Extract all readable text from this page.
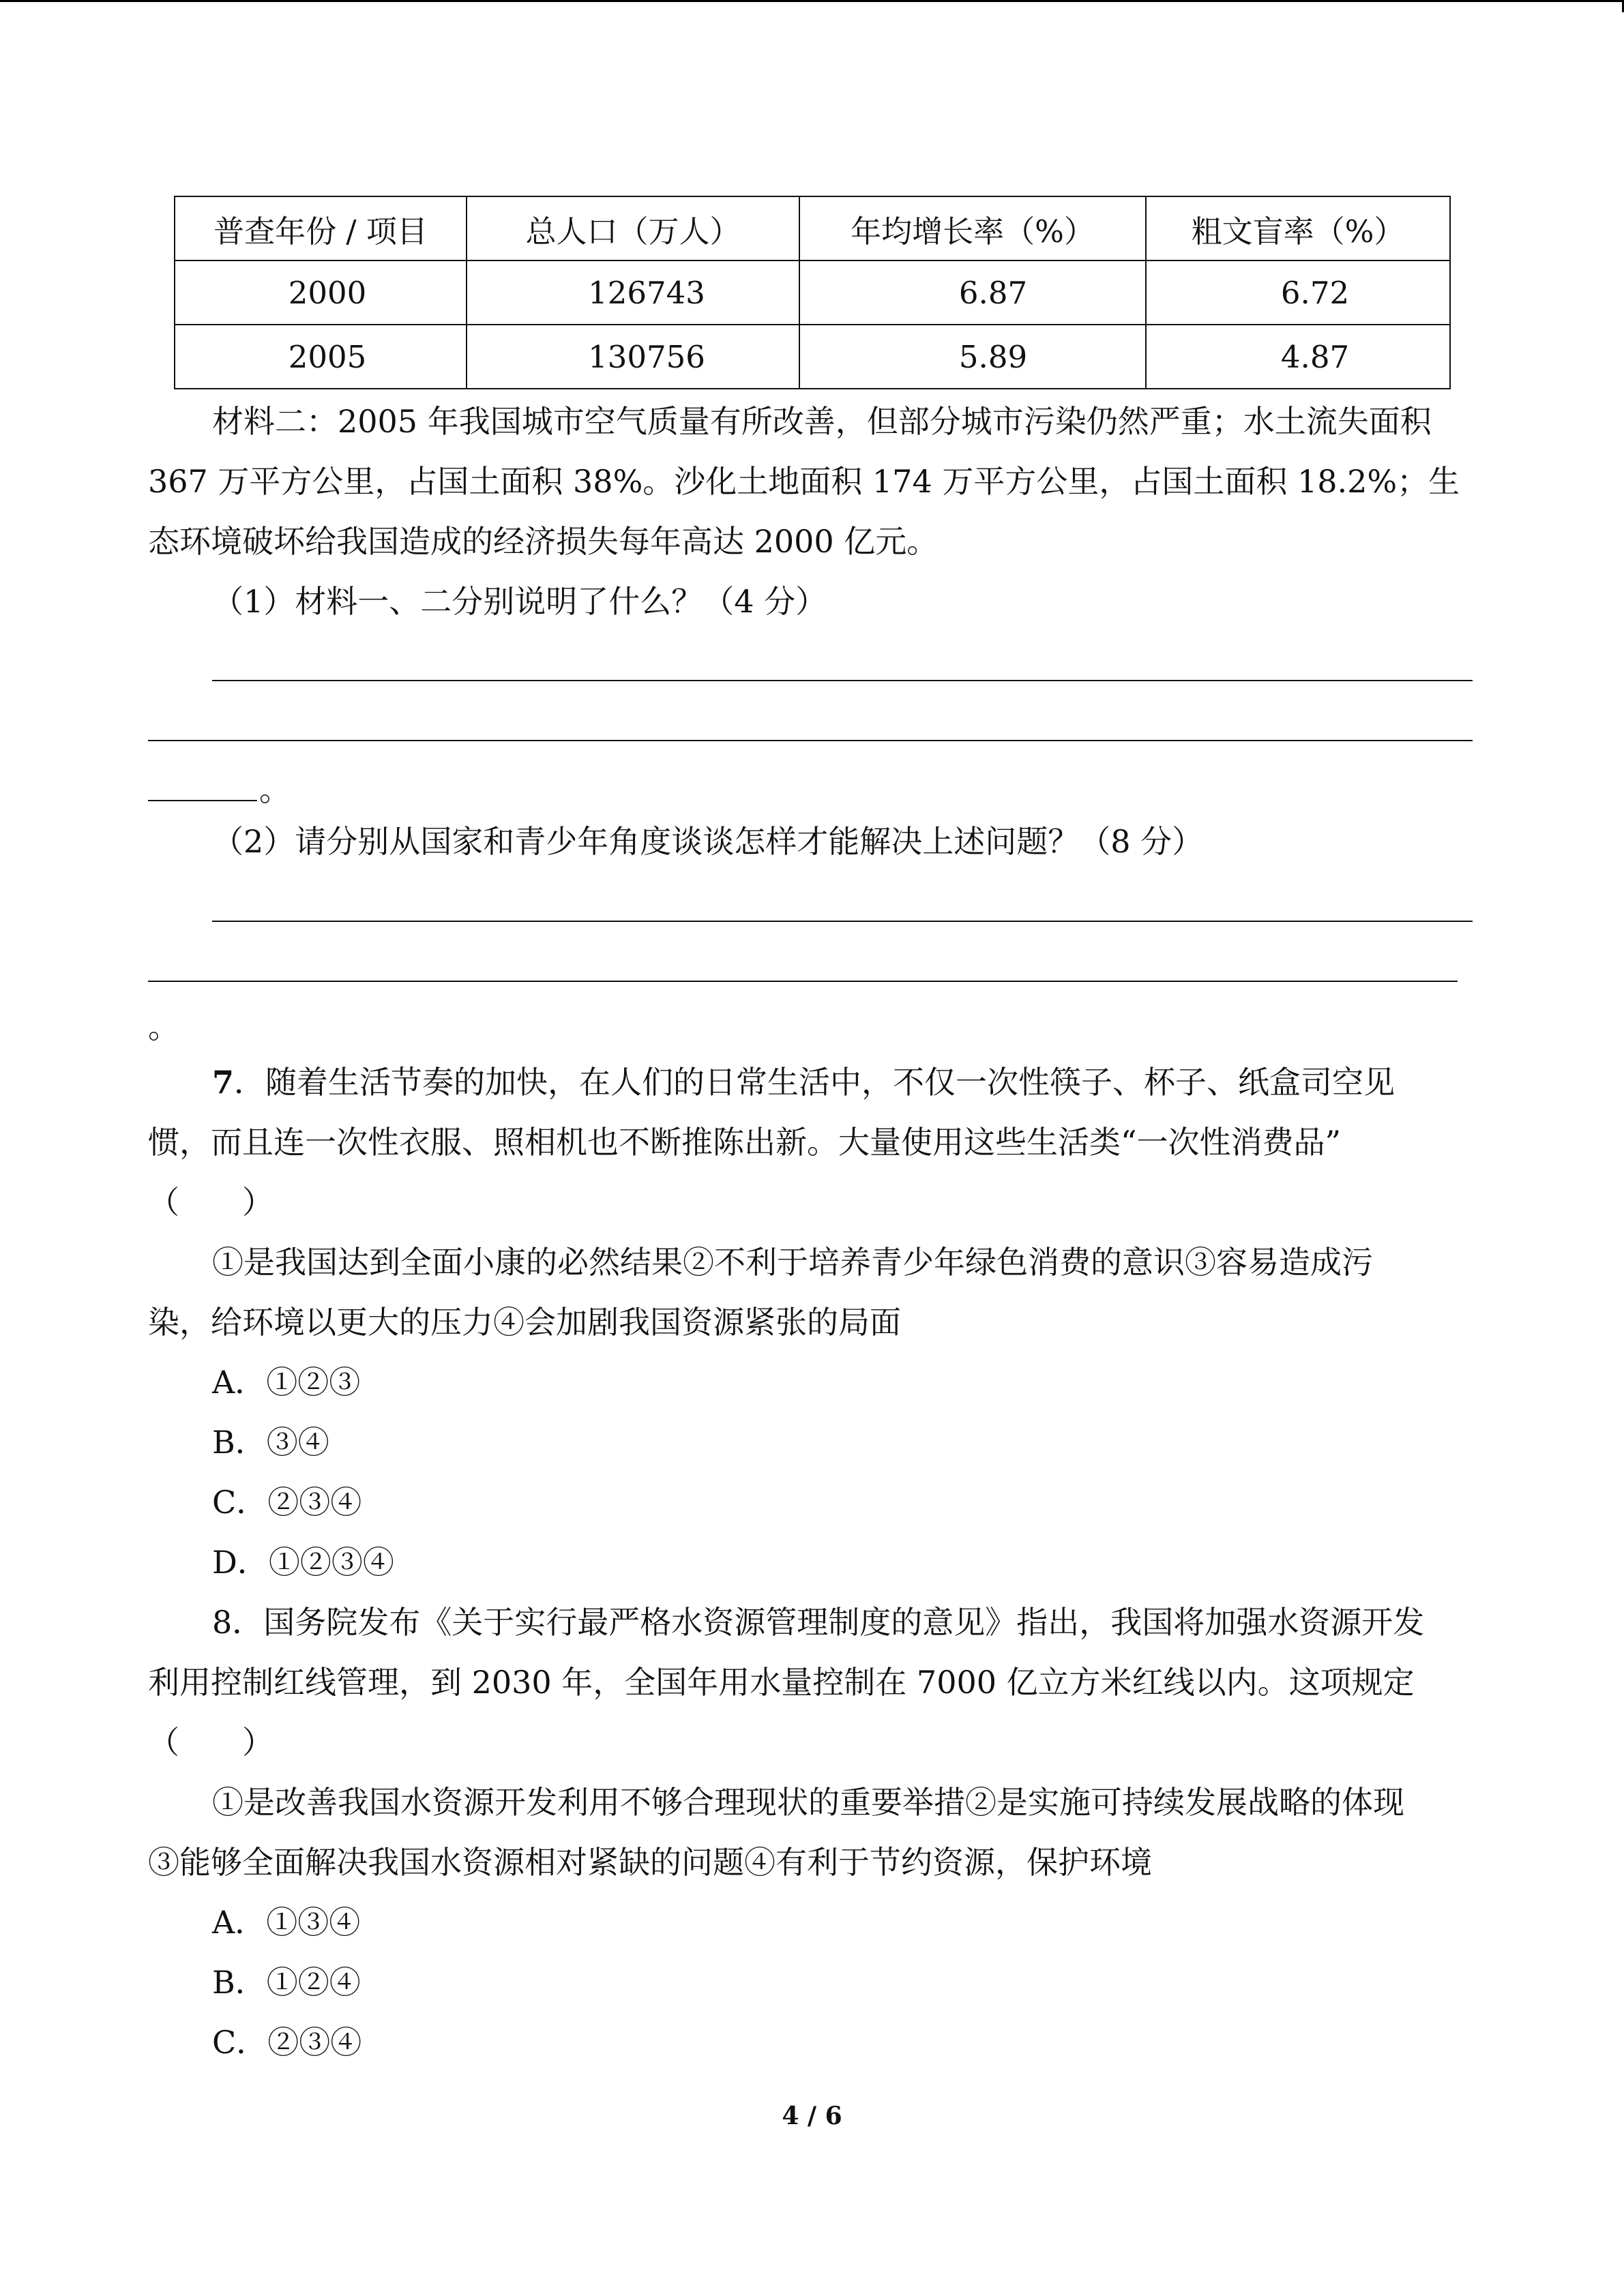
普查年份 / 项目	总人口（万人）	年均增长率（%）	粗文盲率（%）
2000	126743	6.87	6.72
2005	130756	5.89	4.87
材料二：2005 年我国城市空气质量有所改善，但部分城市污染仍然严重；水土流失面积
367 万平方公里，占国土面积 38%。沙化土地面积 174 万平方公里，占国土面积 18.2%；生
态环境破坏给我国造成的经济损失每年高达 2000 亿元。
（1）材料一、二分别说明了什么？（4 分）
。
（2）请分别从国家和青少年角度谈谈怎样才能解决上述问题？（8 分）
。
7．随着生活节奏的加快，在人们的日常生活中，不仅一次性筷子、杯子、纸盒司空见
惯，而且连一次性衣服、照相机也不断推陈出新。大量使用这些生活类“一次性消费品”
（　　）
①是我国达到全面小康的必然结果②不利于培养青少年绿色消费的意识③容易造成污
染，给环境以更大的压力④会加剧我国资源紧张的局面
A．①②③
B．③④
C．②③④
D．①②③④
8．国务院发布《关于实行最严格水资源管理制度的意见》指出，我国将加强水资源开发
利用控制红线管理，到 2030 年，全国年用水量控制在 7000 亿立方米红线以内。这项规定
（　　）
①是改善我国水资源开发利用不够合理现状的重要举措②是实施可持续发展战略的体现
③能够全面解决我国水资源相对紧缺的问题④有利于节约资源，保护环境
A．①③④
B．①②④
C．②③④
4 / 6
